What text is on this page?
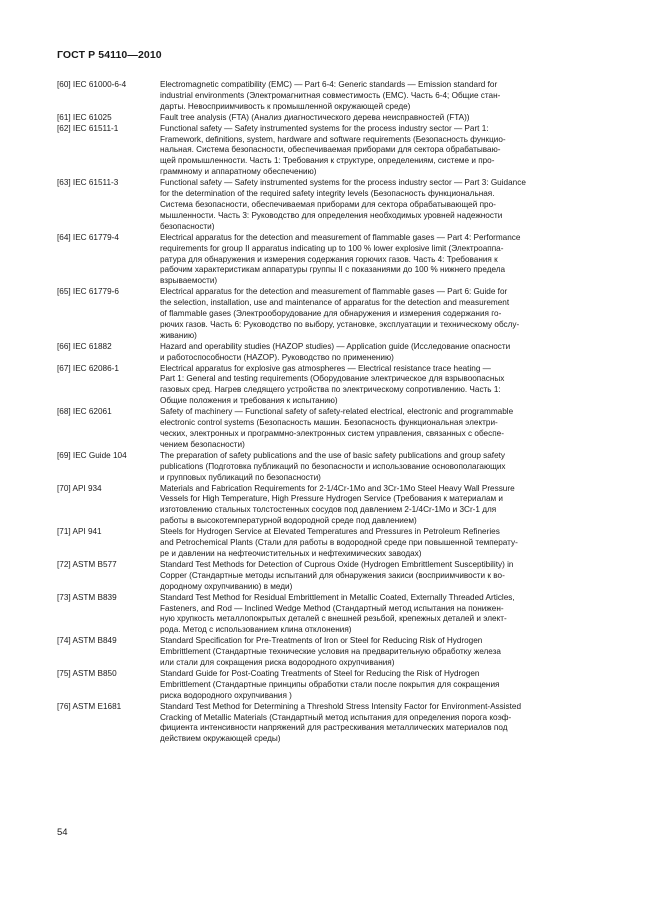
ГОСТ Р 54110—2010
[60] IEC 61000-6-4	Electromagnetic compatibility (EMC) — Part 6-4: Generic standards — Emission standard for
industrial environments (Электромагнитная совместимость (ЕМС). Часть 6-4; Общие стан-
дарты. Невосприимчивость к промышленной окружающей среде)
[61] IEC 61025	Fault tree analysis (FTA) (Анализ диагностического дерева неисправностей (FTA))
[62] IEC 61511-1	Functional safety — Safety instrumented systems for the process industry sector — Part 1:
Framework, definitions, system, hardware and software requirements (Безопасность функцио-
нальная. Система безопасности, обеспечиваемая приборами для сектора обрабатываю-
щей промышленности. Часть 1: Требования к структуре, определениям, системе и про-
граммному и аппаратному обеспечению)
[63] IEC 61511-3	Functional safety — Safety instrumented systems for the process industry sector — Part 3: Guidance
for the determination of the required safety integrity levels (Безопасность функциональная.
Система безопасности, обеспечиваемая приборами для сектора обрабатывающей про-
мышленности. Часть 3: Руководство для определения необходимых уровней надежности
безопасности)
[64] IEC 61779-4	Electrical apparatus for the detection and measurement of flammable gases — Part 4: Performance
requirements for group II apparatus indicating up to 100 % lower explosive limit (Электроаппа-
ратура для обнаружения и измерения содержания горючих газов. Часть 4: Требования к
рабочим характеристикам аппаратуры группы II с показаниями до 100 % нижнего предела
взрываемости)
[65] IEC 61779-6	Electrical apparatus for the detection and measurement of flammable gases — Part 6: Guide for
the selection, installation, use and maintenance of apparatus for the detection and measurement
of flammable gases (Электрооборудование для обнаружения и измерения содержания го-
рючих газов. Часть 6: Руководство по выбору, установке, эксплуатации и техническому обслу-
живанию)
[66] IEC 61882	Hazard and operability studies (HAZOP studies) — Application guide (Исследование опасности
и работоспособности (HAZOP). Руководство по применению)
[67] IEC 62086-1	Electrical apparatus for explosive gas atmospheres — Electrical resistance trace heating —
Part 1: General and testing requirements (Оборудование электрическое для взрывоопасных
газовых сред. Нагрев следящего устройства по электрическому сопротивлению. Часть 1:
Общие положения и требования к испытанию)
[68] IEC 62061	Safety of machinery — Functional safety of safety-related electrical, electronic and programmable
electronic control systems (Безопасность машин. Безопасность функциональная электри-
ческих, электронных и программно-электронных систем управления, связанных с обеспе-
чением безопасности)
[69] IEC Guide 104	The preparation of safety publications and the use of basic safety publications and group safety
publications (Подготовка публикаций по безопасности и использование основополагающих
и групповых публикаций по безопасности)
[70] API 934	Materials and Fabrication Requirements for 2-1/4Cr-1Mo and 3Cr-1Mo Steel Heavy Wall Pressure
Vessels for High Temperature, High Pressure Hydrogen Service (Требования к материалам и
изготовлению стальных толстостенных сосудов под давлением 2-1/4Cr-1Mo и 3Cr-1 для
работы в высокотемпературной водородной среде под давлением)
[71] API 941	Steels for Hydrogen Service at Elevated Temperatures and Pressures in Petroleum Refineries
and Petrochemical Plants (Стали для работы в водородной среде при повышенной температу-
ре и давлении на нефтеочистительных и нефтехимических заводах)
[72] ASTM B577	Standard Test Methods for Detection of Cuprous Oxide (Hydrogen Embrittlement Susceptibility) in
Copper (Стандартные методы испытаний для обнаружения закиси (восприимчивости к во-
дородному охрупчиванию) в меди)
[73] ASTM B839	Standard Test Method for Residual Embrittlement in Metallic Coated, Externally Threaded Articles,
Fasteners, and Rod — Inclined Wedge Method (Стандартный метод испытания на понижен-
ную хрупкость металлопокрытых деталей с внешней резьбой, крепежных деталей и элект-
рода. Метод с использованием клина отклонения)
[74] ASTM B849	Standard Specification for Pre-Treatments of Iron or Steel for Reducing Risk of Hydrogen
Embrittlement (Стандартные технические условия на предварительную обработку железа
или стали для сокращения риска водородного охрупчивания)
[75] ASTM B850	Standard Guide for Post-Coating Treatments of Steel for Reducing the Risk of Hydrogen
Embrittlement (Стандартные принципы обработки стали после покрытия для сокращения
риска водородного охрупчивания )
[76] ASTM E1681	Standard Test Method for Determining a Threshold Stress Intensity Factor for Environment-Assisted
Cracking of Metallic Materials (Стандартный метод испытания для определения порога коэф-
фициента интенсивности напряжений для растрескивания металлических материалов под
действием окружающей среды)
54
